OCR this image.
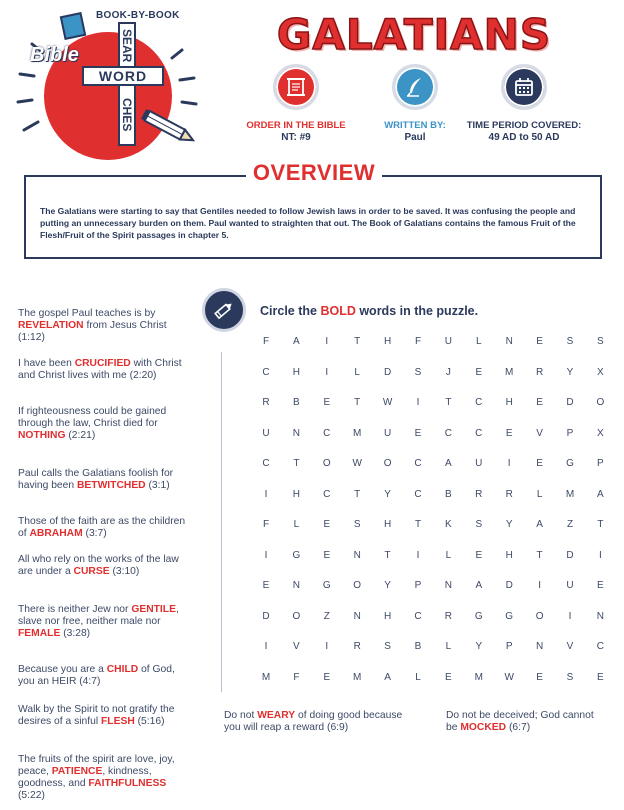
BOOK-BY-BOOK
Bible	SEAR
WORD
CHES
GALATIANS
ORDER IN THE BIBLE
NT: #9
WRITTEN BY:
Paul
TIME PERIOD COVERED:
49 AD to 50 AD
OVERVIEW

The Galatians were starting to say that Gentiles needed to follow Jewish laws in order to be saved. It was confusing the people and putting an unnecessary burden on them. Paul wanted to straighten that out. The Book of Galatians contains the famous Fruit of the Flesh/Fruit of the Spirit passages in chapter 5.

The gospel Paul teaches is by REVELATION from Jesus Christ (1:12)
I have been CRUCIFIED with Christ and Christ lives with me (2:20)
If righteousness could be gained through the law, Christ died for NOTHING (2:21)
Paul calls the Galatians foolish for having been BETWITCHED (3:1)
Those of the faith are as the children of ABRAHAM (3:7)
All who rely on the works of the law are under a CURSE (3:10)
There is neither Jew nor GENTILE, slave nor free, neither male nor FEMALE (3:28)
Because you are a CHILD of God, you an HEIR (4:7)
Walk by the Spirit to not gratify the desires of a sinful FLESH (5:16)
The fruits of the spirit are love, joy, peace, PATIENCE, kindness, goodness, and FAITHFULNESS (5:22)
Circle the BOLD words in the puzzle.
F	A	I	T	H	F	U	L	N	E	S	S
C	H	I	L	D	S	J	E	M	R	Y	X
R	B	E	T	W	I	T	C	H	E	D	O
U	N	C	M	U	E	C	C	E	V	P	X
C	T	O	W	O	C	A	U	I	E	G	P
I	H	C	T	Y	C	B	R	R	L	M	A
F	L	E	S	H	T	K	S	Y	A	Z	T
I	G	E	N	T	I	L	E	H	T	D	I
E	N	G	O	Y	P	N	A	D	I	U	E
D	O	Z	N	H	C	R	G	G	O	I	N
I	V	I	R	S	B	L	Y	P	N	V	C
M	F	E	M	A	L	E	M	W	E	S	E
Do not WEARY of doing good because you will reap a reward (6:9)
Do not be deceived; God cannot be MOCKED (6:7)
